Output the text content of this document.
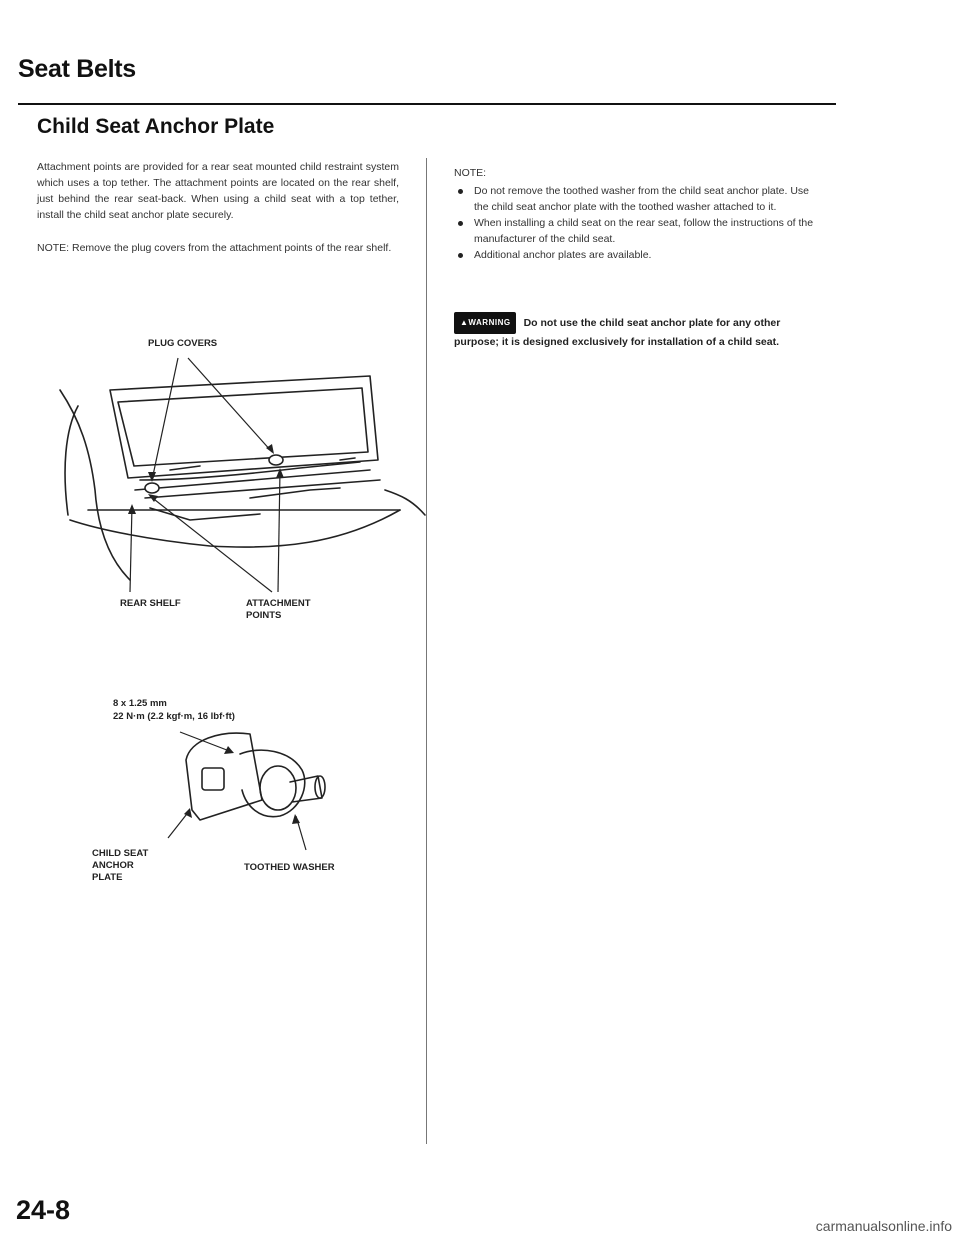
Seat Belts
Child Seat Anchor Plate

Attachment points are provided for a rear seat mounted child restraint system which uses a top tether. The attachment points are located on the rear shelf, just behind the rear seat-back. When using a child seat with a top tether, install the child seat anchor plate securely.

NOTE: Remove the plug covers from the attachment points of the rear shelf.

PLUG COVERS
REAR SHELF	ATTACHMENT
POINTS
8 x 1.25 mm
22 N·m (2.2 kgf·m, 16 lbf·ft)
CHILD SEAT
ANCHOR
PLATE
TOOTHED WASHER
NOTE:
Do not remove the toothed washer from the child seat anchor plate. Use the child seat anchor plate with the toothed washer attached to it.
When installing a child seat on the rear seat, follow the instructions of the manufacturer of the child seat.
Additional anchor plates are available.
▲WARNING Do not use the child seat anchor plate for any other purpose; it is designed exclusively for installation of a child seat.

24-8

carmanualsonline.info
